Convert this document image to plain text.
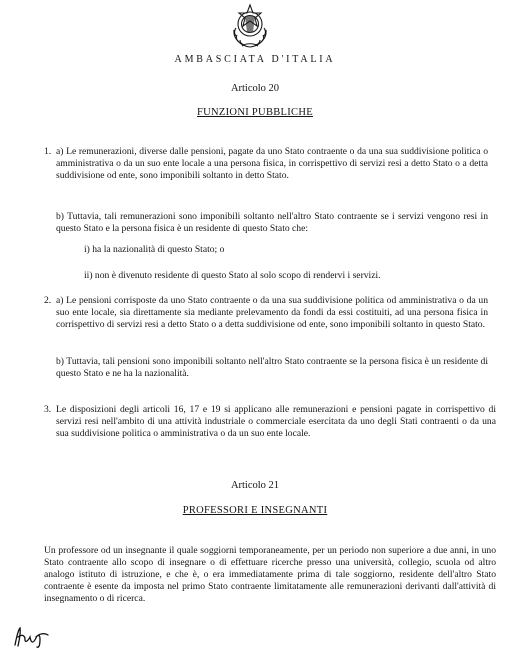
AMBASCIATA D'ITALIA
Articolo 20
FUNZIONI PUBBLICHE
1. a) Le remunerazioni, diverse dalle pensioni, pagate da uno Stato contraente o da una sua suddivisione politica o amministrativa o da un suo ente locale a una persona fisica, in corrispettivo di servizi resi a detto Stato o a detta suddivisione od ente, sono imponibili soltanto in detto Stato.
b) Tuttavia, tali remunerazioni sono imponibili soltanto nell'altro Stato contraente se i servizi vengono resi in questo Stato e la persona fisica è un residente di questo Stato che:
i) ha la nazionalità di questo Stato; o
ii) non è divenuto residente di questo Stato al solo scopo di rendervi i servizi.
2. a) Le pensioni corrisposte da uno Stato contraente o da una sua suddivisione politica od amministrativa o da un suo ente locale, sia direttamente sia mediante prelevamento da fondi da essi costituiti, ad una persona fisica in corrispettivo di servizi resi a detto Stato o a detta suddivisione od ente, sono imponibili soltanto in questo Stato.
b) Tuttavia, tali pensioni sono imponibili soltanto nell'altro Stato contraente se la persona fisica è un residente di questo Stato e ne ha la nazionalità.
3. Le disposizioni degli articoli 16, 17 e 19 si applicano alle remunerazioni e pensioni pagate in corrispettivo di servizi resi nell'ambito di una attività industriale o commerciale esercitata da uno degli Stati contraenti o da una sua suddivisione politica o amministrativa o da un suo ente locale.
Articolo 21
PROFESSORI E INSEGNANTI
Un professore od un insegnante il quale soggiorni temporaneamente, per un periodo non superiore a due anni, in uno Stato contraente allo scopo di insegnare o di effettuare ricerche presso una università, collegio, scuola od altro analogo istituto di istruzione, e che è, o era immediatamente prima di tale soggiorno, residente dell'altro Stato contraente è esente da imposta nel primo Stato contraente limitatamente alle remunerazioni derivanti dall'attività di insegnamento o di ricerca.
